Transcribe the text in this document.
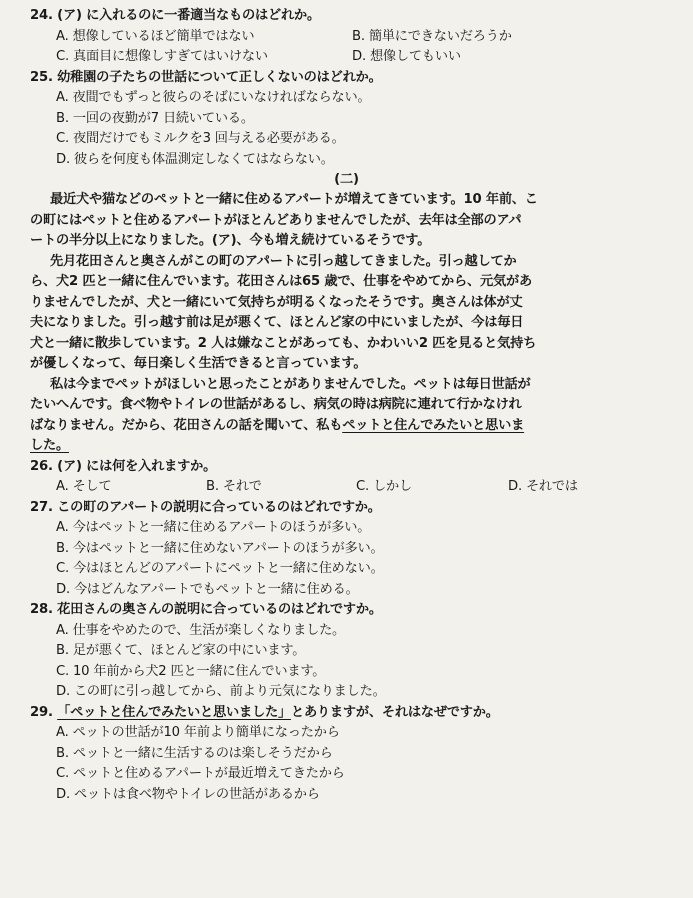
24. (ア) に入れるのに一番適当なものはどれか。
A. 想像しているほど簡単ではない	B. 簡単にできないだろうか
C. 真面目に想像しすぎてはいけない	D. 想像してもいい
25. 幼稚園の子たちの世話について正しくないのはどれか。
A. 夜間でもずっと彼らのそばにいなければならない。
B. 一回の夜勤が7 日続いている。
C. 夜間だけでもミルクを3 回与える必要がある。
D. 彼らを何度も体温測定しなくてはならない。
(二)
最近犬や猫などのペットと一緒に住めるアパートが増えてきています。10 年前、こ
の町にはペットと住めるアパートがほとんどありませんでしたが、去年は全部のアパ
ートの半分以上になりました。(ア)、今も増え続けているそうです。
先月花田さんと奥さんがこの町のアパートに引っ越してきました。引っ越してか
ら、犬2 匹と一緒に住んでいます。花田さんは65 歳で、仕事をやめてから、元気があ
りませんでしたが、犬と一緒にいて気持ちが明るくなったそうです。奥さんは体が丈
夫になりました。引っ越す前は足が悪くて、ほとんど家の中にいましたが、今は毎日
犬と一緒に散歩しています。2 人は嫌なことがあっても、かわいい2 匹を見ると気持ち
が優しくなって、毎日楽しく生活できると言っています。
私は今までペットがほしいと思ったことがありませんでした。ペットは毎日世話が
たいへんです。食べ物やトイレの世話があるし、病気の時は病院に連れて行かなけれ
ばなりません。だから、花田さんの話を聞いて、私もペットと住んでみたいと思いま
した。
26. (ア) には何を入れますか。
A. そして	B. それで	C. しかし	D. それでは
27. この町のアパートの説明に合っているのはどれですか。
A. 今はペットと一緒に住めるアパートのほうが多い。
B. 今はペットと一緒に住めないアパートのほうが多い。
C. 今はほとんどのアパートにペットと一緒に住めない。
D. 今はどんなアパートでもペットと一緒に住める。
28. 花田さんの奥さんの説明に合っているのはどれですか。
A. 仕事をやめたので、生活が楽しくなりました。
B. 足が悪くて、ほとんど家の中にいます。
C. 10 年前から犬2 匹と一緒に住んでいます。
D. この町に引っ越してから、前より元気になりました。
29. 「ペットと住んでみたいと思いました」とありますが、それはなぜですか。
A. ペットの世話が10 年前より簡単になったから
B. ペットと一緒に生活するのは楽しそうだから
C. ペットと住めるアパートが最近増えてきたから
D. ペットは食べ物やトイレの世話があるから
